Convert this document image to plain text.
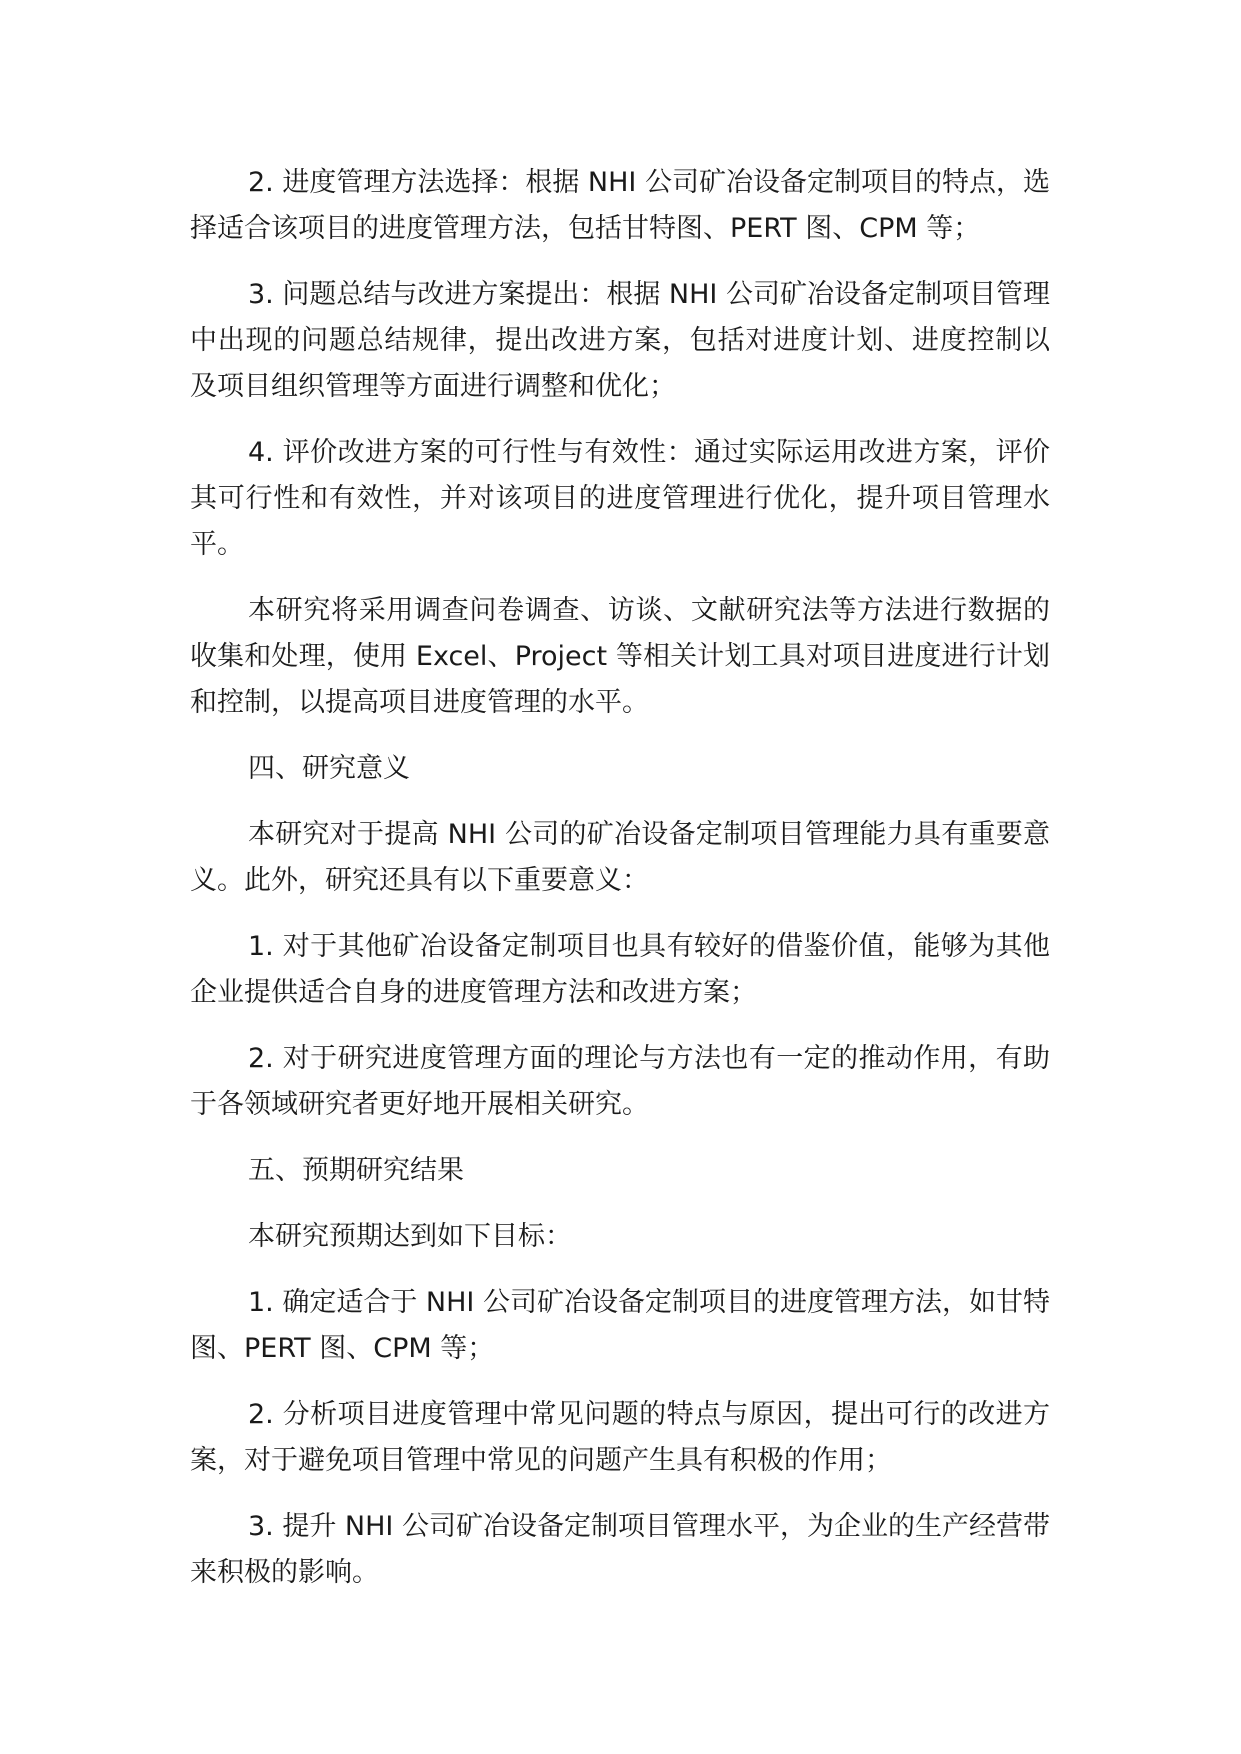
2. 进度管理方法选择：根据 NHI 公司矿冶设备定制项目的特点，选择适合该项目的进度管理方法，包括甘特图、PERT 图、CPM 等；

3. 问题总结与改进方案提出：根据 NHI 公司矿冶设备定制项目管理中出现的问题总结规律，提出改进方案，包括对进度计划、进度控制以及项目组织管理等方面进行调整和优化；

4. 评价改进方案的可行性与有效性：通过实际运用改进方案，评价其可行性和有效性，并对该项目的进度管理进行优化，提升项目管理水平。

本研究将采用调查问卷调查、访谈、文献研究法等方法进行数据的收集和处理，使用 Excel、Project 等相关计划工具对项目进度进行计划和控制，以提高项目进度管理的水平。

四、研究意义

本研究对于提高 NHI 公司的矿冶设备定制项目管理能力具有重要意义。此外，研究还具有以下重要意义：

1. 对于其他矿冶设备定制项目也具有较好的借鉴价值，能够为其他企业提供适合自身的进度管理方法和改进方案；

2. 对于研究进度管理方面的理论与方法也有一定的推动作用，有助于各领域研究者更好地开展相关研究。

五、预期研究结果

本研究预期达到如下目标：

1. 确定适合于 NHI 公司矿冶设备定制项目的进度管理方法，如甘特图、PERT 图、CPM 等；

2. 分析项目进度管理中常见问题的特点与原因，提出可行的改进方案，对于避免项目管理中常见的问题产生具有积极的作用；

3. 提升 NHI 公司矿冶设备定制项目管理水平，为企业的生产经营带来积极的影响。
